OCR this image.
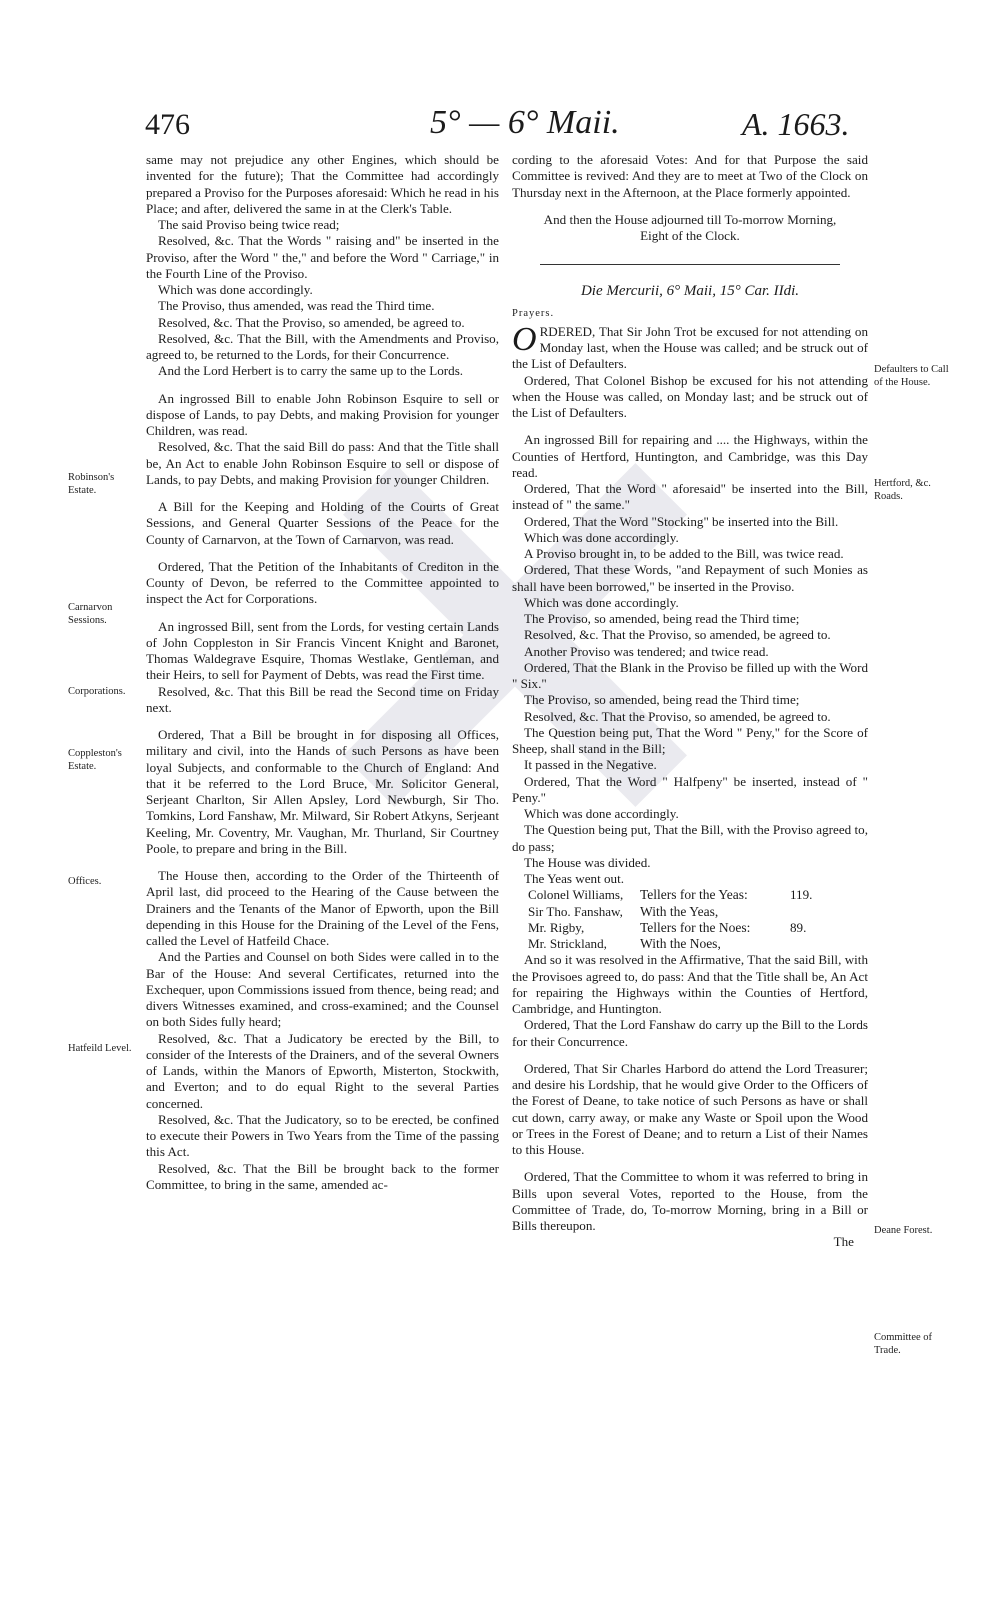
476	5° — 6° Maii.	A. 1663.

same may not prejudice any other Engines, which should be invented for the future); That the Committee had accordingly prepared a Proviso for the Purposes aforesaid: Which he read in his Place; and after, delivered the same in at the Clerk's Table.

The said Proviso being twice read;

Resolved, &c. That the Words " raising and" be inserted in the Proviso, after the Word " the," and before the Word " Carriage," in the Fourth Line of the Proviso.

Which was done accordingly.

The Proviso, thus amended, was read the Third time.

Resolved, &c. That the Proviso, so amended, be agreed to.

Resolved, &c. That the Bill, with the Amendments and Proviso, agreed to, be returned to the Lords, for their Concurrence.

And the Lord Herbert is to carry the same up to the Lords.

An ingrossed Bill to enable John Robinson Esquire to sell or dispose of Lands, to pay Debts, and making Provision for younger Children, was read.

Resolved, &c. That the said Bill do pass: And that the Title shall be, An Act to enable John Robinson Esquire to sell or dispose of Lands, to pay Debts, and making Provision for younger Children.

A Bill for the Keeping and Holding of the Courts of Great Sessions, and General Quarter Sessions of the Peace for the County of Carnarvon, at the Town of Carnarvon, was read.

Ordered, That the Petition of the Inhabitants of Crediton in the County of Devon, be referred to the Committee appointed to inspect the Act for Corporations.

An ingrossed Bill, sent from the Lords, for vesting certain Lands of John Coppleston in Sir Francis Vincent Knight and Baronet, Thomas Waldegrave Esquire, Thomas Westlake, Gentleman, and their Heirs, to sell for Payment of Debts, was read the First time.

Resolved, &c. That this Bill be read the Second time on Friday next.

Ordered, That a Bill be brought in for disposing all Offices, military and civil, into the Hands of such Persons as have been loyal Subjects, and conformable to the Church of England: And that it be referred to the Lord Bruce, Mr. Solicitor General, Serjeant Charlton, Sir Allen Apsley, Lord Newburgh, Sir Tho. Tomkins, Lord Fanshaw, Mr. Milward, Sir Robert Atkyns, Serjeant Keeling, Mr. Coventry, Mr. Vaughan, Mr. Thurland, Sir Courtney Poole, to prepare and bring in the Bill.

The House then, according to the Order of the Thirteenth of April last, did proceed to the Hearing of the Cause between the Drainers and the Tenants of the Manor of Epworth, upon the Bill depending in this House for the Draining of the Level of the Fens, called the Level of Hatfeild Chace.

And the Parties and Counsel on both Sides were called in to the Bar of the House: And several Certificates, returned into the Exchequer, upon Commissions issued from thence, being read; and divers Witnesses examined, and cross-examined; and the Counsel on both Sides fully heard;

Resolved, &c. That a Judicatory be erected by the Bill, to consider of the Interests of the Drainers, and of the several Owners of Lands, within the Manors of Epworth, Misterton, Stockwith, and Everton; and to do equal Right to the several Parties concerned.

Resolved, &c. That the Judicatory, so to be erected, be confined to execute their Powers in Two Years from the Time of the passing this Act.

Resolved, &c. That the Bill be brought back to the former Committee, to bring in the same, amended ac-

Robinson's Estate.
Carnarvon Sessions.
Corporations.
Coppleston's Estate.
Offices.
Hatfeild Level.

cording to the aforesaid Votes: And for that Purpose the said Committee is revived: And they are to meet at Two of the Clock on Thursday next in the Afternoon, at the Place formerly appointed.

And then the House adjourned till To-morrow Morning, Eight of the Clock.

Die Mercurii, 6° Maii, 15° Car. IIdi.
Prayers.

ORDERED, That Sir John Trot be excused for not attending on Monday last, when the House was called; and be struck out of the List of Defaulters.

Ordered, That Colonel Bishop be excused for his not attending when the House was called, on Monday last; and be struck out of the List of Defaulters.

An ingrossed Bill for repairing and .... the Highways, within the Counties of Hertford, Huntington, and Cambridge, was this Day read.

Ordered, That the Word " aforesaid" be inserted into the Bill, instead of " the same."

Ordered, That the Word "Stocking" be inserted into the Bill.

Which was done accordingly.

A Proviso brought in, to be added to the Bill, was twice read.

Ordered, That these Words, "and Repayment of such Monies as shall have been borrowed," be inserted in the Proviso.

Which was done accordingly.

The Proviso, so amended, being read the Third time;

Resolved, &c. That the Proviso, so amended, be agreed to.

Another Proviso was tendered; and twice read.

Ordered, That the Blank in the Proviso be filled up with the Word " Six."

The Proviso, so amended, being read the Third time;

Resolved, &c. That the Proviso, so amended, be agreed to.

The Question being put, That the Word " Peny," for the Score of Sheep, shall stand in the Bill;

It passed in the Negative.

Ordered, That the Word " Halfpeny" be inserted, instead of " Peny."

Which was done accordingly.

The Question being put, That the Bill, with the Proviso agreed to, do pass;

The House was divided.

The Yeas went out.

Colonel Williams,	Tellers for the Yeas:	119.
Sir Tho. Fanshaw,	With the Yeas,
Mr. Rigby,	Tellers for the Noes:	89.
Mr. Strickland,	With the Noes,

And so it was resolved in the Affirmative, That the said Bill, with the Provisoes agreed to, do pass: And that the Title shall be, An Act for repairing the Highways within the Counties of Hertford, Cambridge, and Huntington.

Ordered, That the Lord Fanshaw do carry up the Bill to the Lords for their Concurrence.

Ordered, That Sir Charles Harbord do attend the Lord Treasurer; and desire his Lordship, that he would give Order to the Officers of the Forest of Deane, to take notice of such Persons as have or shall cut down, carry away, or make any Waste or Spoil upon the Wood or Trees in the Forest of Deane; and to return a List of their Names to this House.

Ordered, That the Committee to whom it was referred to bring in Bills upon several Votes, reported to the House, from the Committee of Trade, do, To-morrow Morning, bring in a Bill or Bills thereupon.

The

Defaulters to Call of the House.
Hertford, &c. Roads.
Deane Forest.
Committee of Trade.
